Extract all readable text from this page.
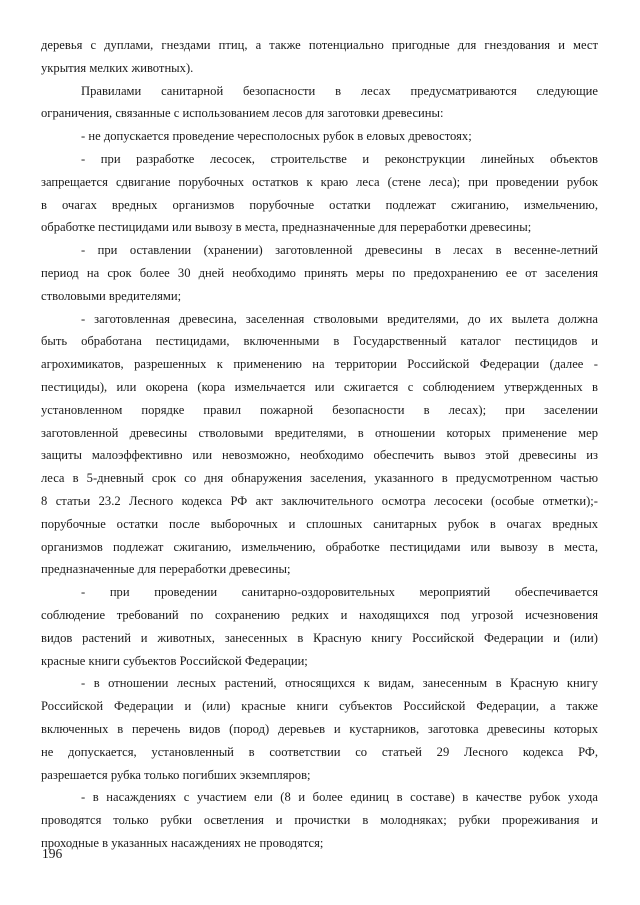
деревья с дуплами, гнездами птиц, а также потенциально пригодные для гнездования и мест
укрытия мелких животных).
Правилами санитарной безопасности в лесах предусматриваются следующие
ограничения, связанные с использованием лесов для заготовки древесины:
- не допускается проведение чересполосных рубок в еловых древостоях;
- при разработке лесосек, строительстве и реконструкции линейных объектов
запрещается сдвигание порубочных остатков к краю леса (стене леса); при проведении рубок
в очагах вредных организмов порубочные остатки подлежат сжиганию, измельчению,
обработке пестицидами или вывозу в места, предназначенные для переработки древесины;
- при оставлении (хранении) заготовленной древесины в лесах в весенне-летний
период на срок более 30 дней необходимо принять меры по предохранению ее от заселения
стволовыми вредителями;
- заготовленная древесина, заселенная стволовыми вредителями, до их вылета должна
быть обработана пестицидами, включенными в Государственный каталог пестицидов и
агрохимикатов, разрешенных к применению на территории Российской Федерации (далее -
пестициды), или окорена (кора измельчается или сжигается с соблюдением утвержденных в
установленном порядке правил пожарной безопасности в лесах); при заселении
заготовленной древесины стволовыми вредителями, в отношении которых применение мер
защиты малоэффективно или невозможно, необходимо обеспечить вывоз этой древесины из
леса в 5-дневный срок со дня обнаружения заселения, указанного в предусмотренном частью
8 статьи 23.2 Лесного кодекса РФ акт заключительного осмотра лесосеки (особые отметки);-
порубочные остатки после выборочных и сплошных санитарных рубок в очагах вредных
организмов подлежат сжиганию, измельчению, обработке пестицидами или вывозу в места,
предназначенные для переработки древесины;
- при проведении санитарно-оздоровительных мероприятий обеспечивается
соблюдение требований по сохранению редких и находящихся под угрозой исчезновения
видов растений и животных, занесенных в Красную книгу Российской Федерации и (или)
красные книги субъектов Российской Федерации;
- в отношении лесных растений, относящихся к видам, занесенным в Красную книгу
Российской Федерации и (или) красные книги субъектов Российской Федерации, а также
включенных в перечень видов (пород) деревьев и кустарников, заготовка древесины которых
не допускается, установленный в соответствии со статьей 29 Лесного кодекса РФ,
разрешается рубка только погибших экземпляров;
- в насаждениях с участием ели (8 и более единиц в составе) в качестве рубок ухода
проводятся только рубки осветления и прочистки в молодняках; рубки прореживания и
проходные в указанных насаждениях не проводятся;
196
